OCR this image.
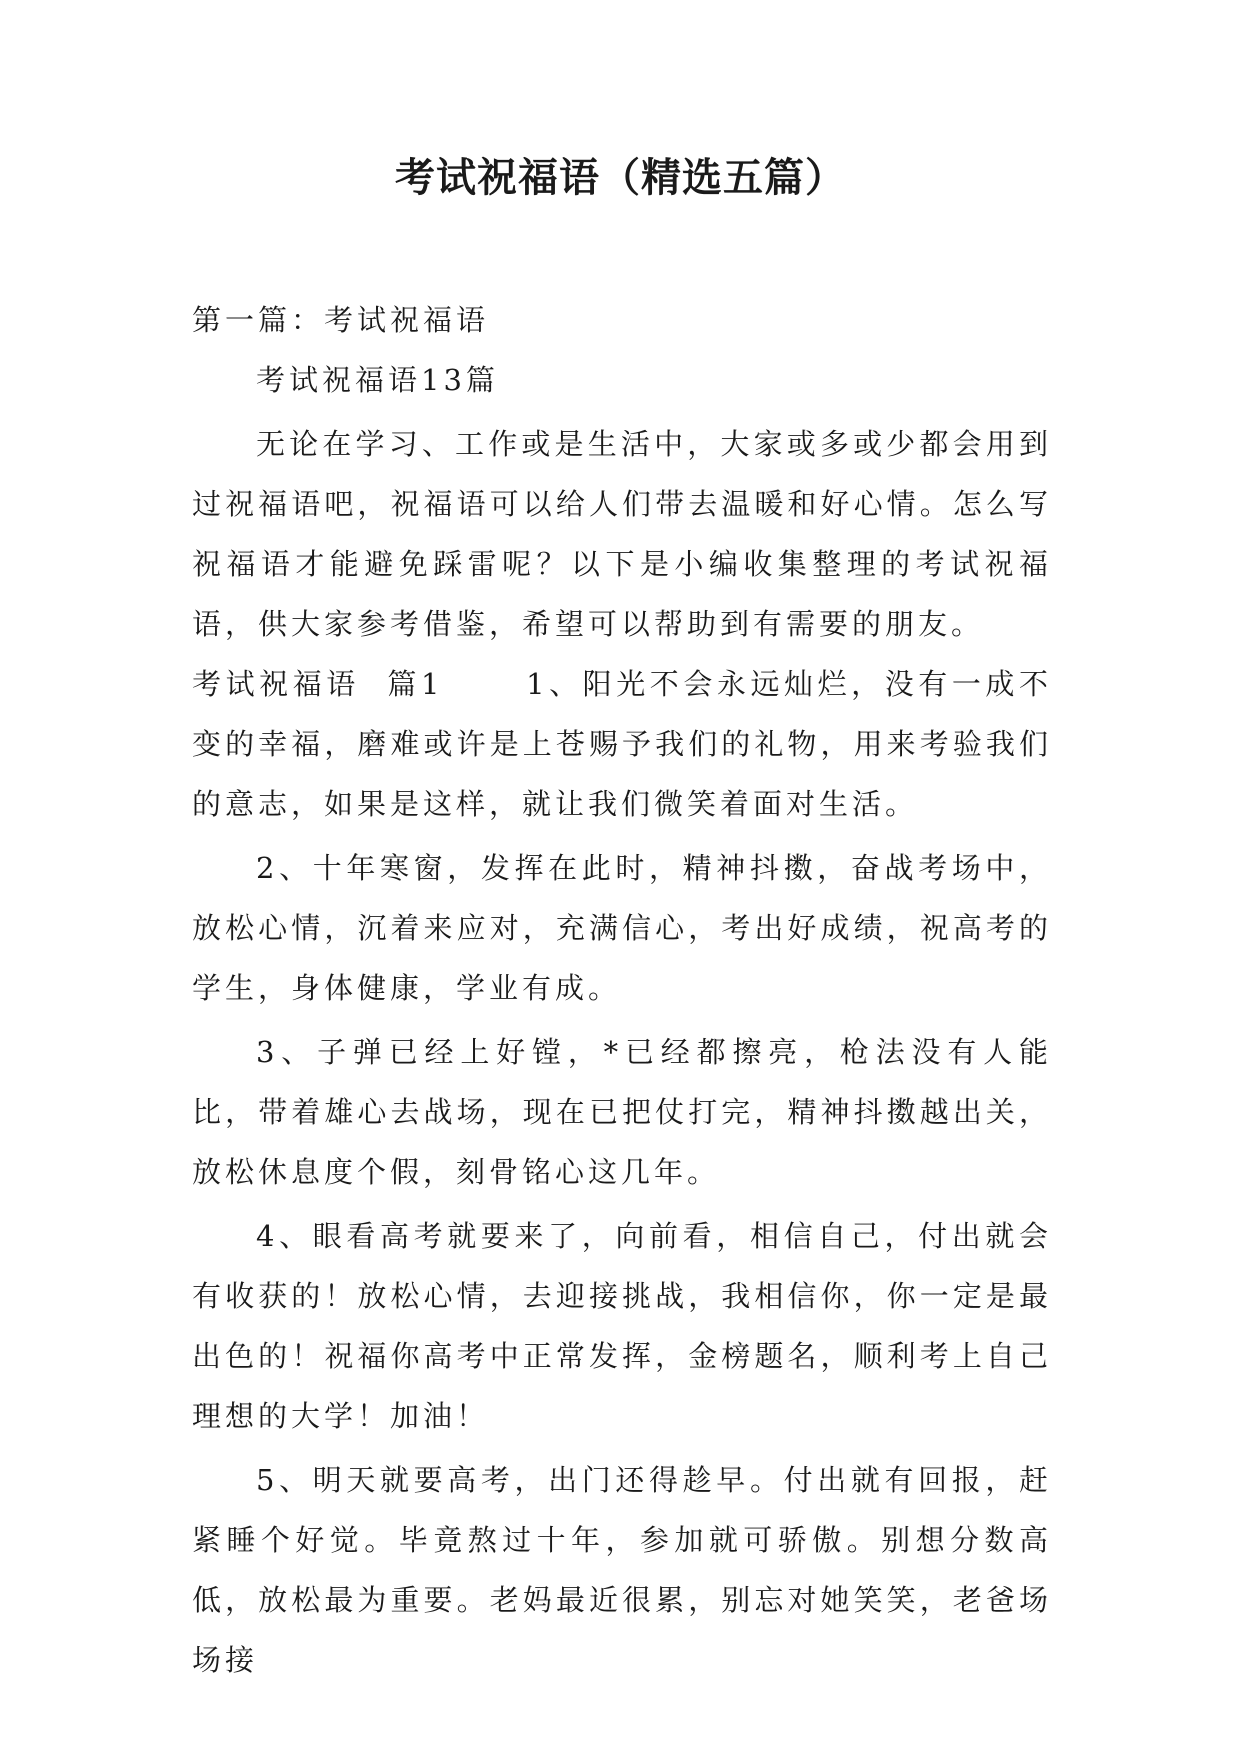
考试祝福语（精选五篇）

第一篇：考试祝福语

考试祝福语13篇

无论在学习、工作或是生活中，大家或多或少都会用到过祝福语吧，祝福语可以给人们带去温暖和好心情。怎么写祝福语才能避免踩雷呢？以下是小编收集整理的考试祝福语，供大家参考借鉴，希望可以帮助到有需要的朋友。

考试祝福语  篇1      1、阳光不会永远灿烂，没有一成不变的幸福，磨难或许是上苍赐予我们的礼物，用来考验我们的意志，如果是这样，就让我们微笑着面对生活。

2、十年寒窗，发挥在此时，精神抖擞，奋战考场中，放松心情，沉着来应对，充满信心，考出好成绩，祝高考的学生，身体健康，学业有成。

3、子弹已经上好镗，*已经都擦亮，枪法没有人能比，带着雄心去战场，现在已把仗打完，精神抖擞越出关，放松休息度个假，刻骨铭心这几年。

4、眼看高考就要来了，向前看，相信自己，付出就会有收获的！放松心情，去迎接挑战，我相信你，你一定是最出色的！祝福你高考中正常发挥，金榜题名，顺利考上自己理想的大学！加油！

5、明天就要高考，出门还得趁早。付出就有回报，赶紧睡个好觉。毕竟熬过十年，参加就可骄傲。别想分数高低，放松最为重要。老妈最近很累，别忘对她笑笑，老爸场场接
